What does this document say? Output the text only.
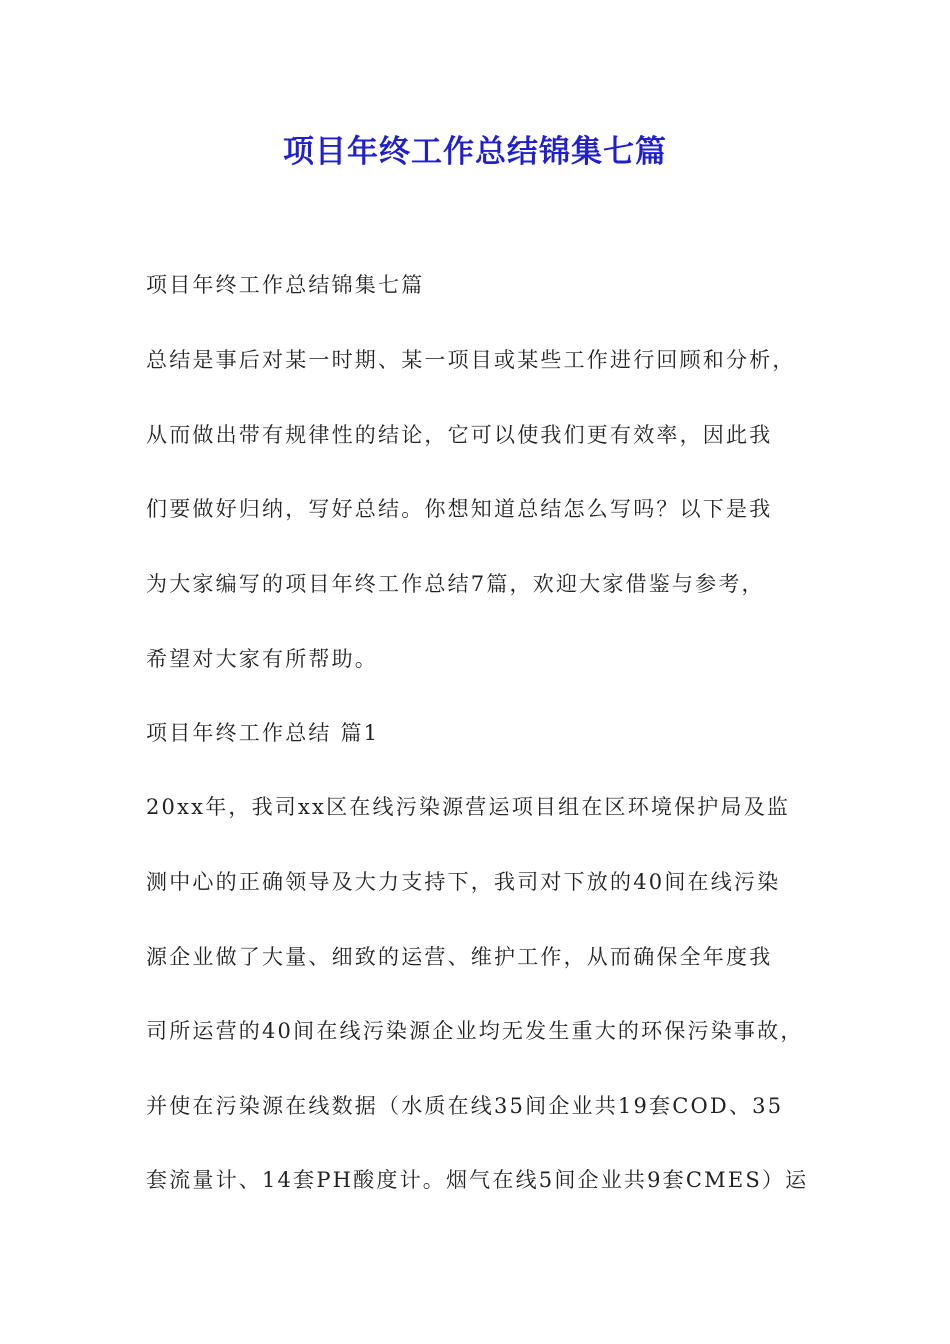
项目年终工作总结锦集七篇
项目年终工作总结锦集七篇
总结是事后对某一时期、某一项目或某些工作进行回顾和分析，
从而做出带有规律性的结论，它可以使我们更有效率，因此我
们要做好归纳，写好总结。你想知道总结怎么写吗？以下是我
为大家编写的项目年终工作总结7篇，欢迎大家借鉴与参考，
希望对大家有所帮助。
项目年终工作总结 篇1
20xx年，我司xx区在线污染源营运项目组在区环境保护局及监
测中心的正确领导及大力支持下，我司对下放的40间在线污染
源企业做了大量、细致的运营、维护工作，从而确保全年度我
司所运营的40间在线污染源企业均无发生重大的环保污染事故，
并使在污染源在线数据（水质在线35间企业共19套COD、35
套流量计、14套PH酸度计。烟气在线5间企业共9套CMES）运
